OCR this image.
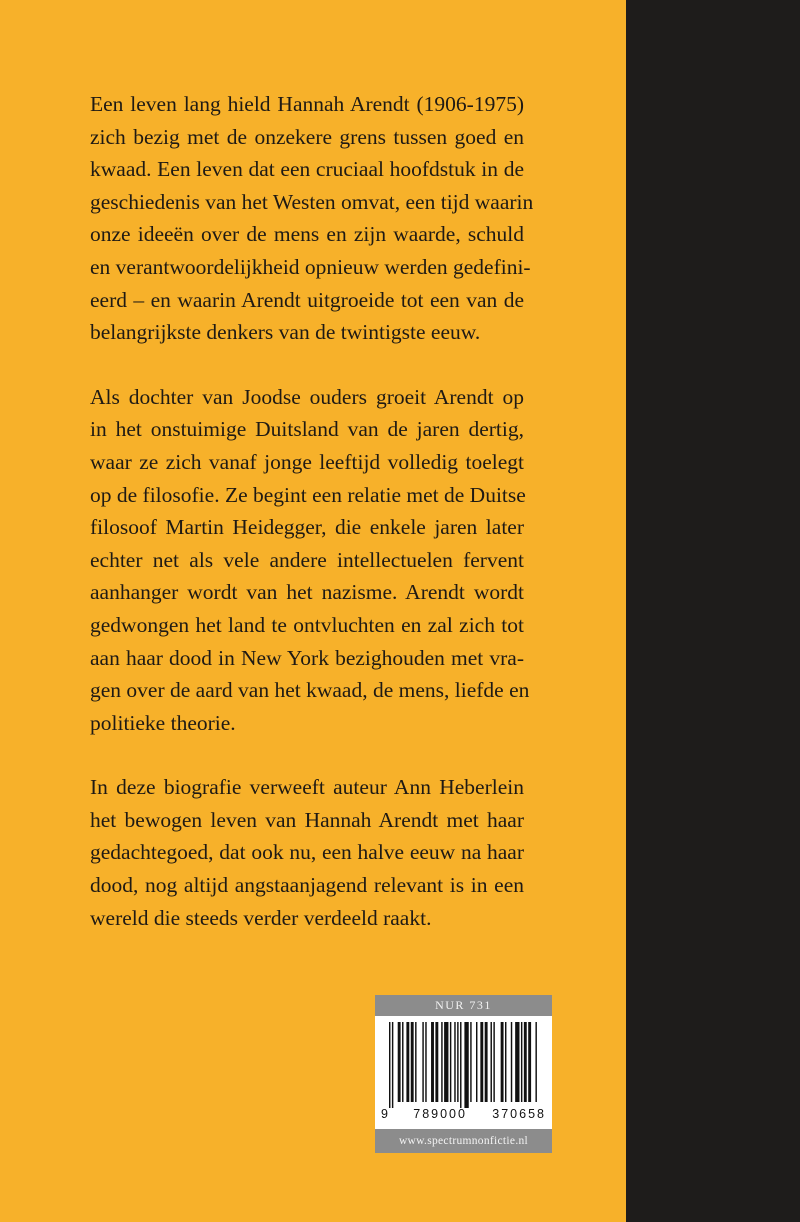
Een leven lang hield Hannah Arendt (1906-1975)
zich bezig met de onzekere grens tussen goed en
kwaad. Een leven dat een cruciaal hoofdstuk in de
geschiedenis van het Westen omvat, een tijd waarin
onze ideeën over de mens en zijn waarde, schuld
en verantwoordelijkheid opnieuw werden gedefini-
eerd – en waarin Arendt uitgroeide tot een van de
belangrijkste denkers van de twintigste eeuw.

Als dochter van Joodse ouders groeit Arendt op
in het onstuimige Duitsland van de jaren dertig,
waar ze zich vanaf jonge leeftijd volledig toelegt
op de filosofie. Ze begint een relatie met de Duitse
filosoof Martin Heidegger, die enkele jaren later
echter net als vele andere intellectuelen fervent
aanhanger wordt van het nazisme. Arendt wordt
gedwongen het land te ontvluchten en zal zich tot
aan haar dood in New York bezighouden met vra-
gen over de aard van het kwaad, de mens, liefde en
politieke theorie.

In deze biografie verweeft auteur Ann Heberlein
het bewogen leven van Hannah Arendt met haar
gedachtegoed, dat ook nu, een halve eeuw na haar
dood, nog altijd angstaanjagend relevant is in een
wereld die steeds verder verdeeld raakt.

NUR 731
9 789000 370658
www.spectrumnonfictie.nl
